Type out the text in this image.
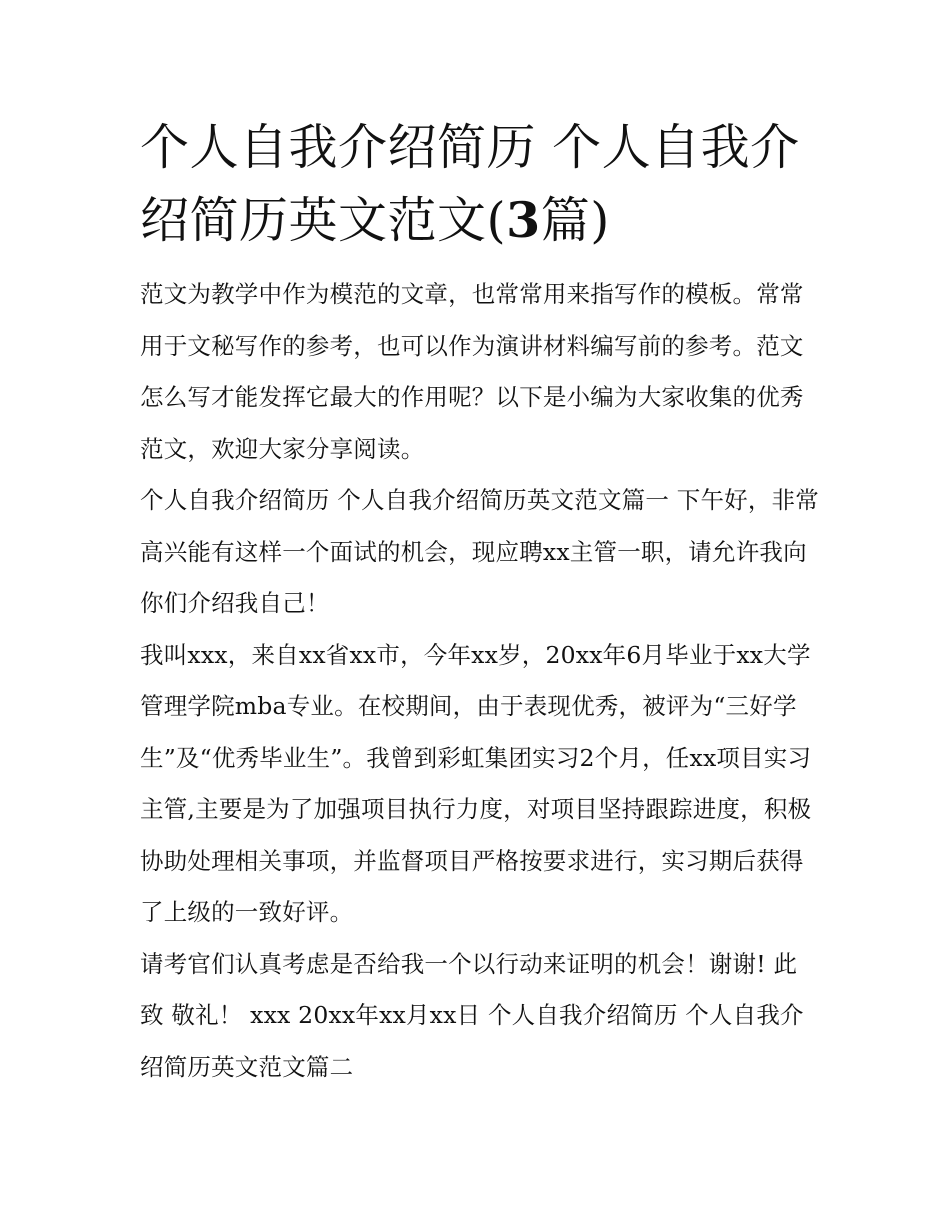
个人自我介绍简历 个人自我介绍简历英文范文(3篇)

范文为教学中作为模范的文章，也常常用来指写作的模板。常常用于文秘写作的参考，也可以作为演讲材料编写前的参考。范文怎么写才能发挥它最大的作用呢？以下是小编为大家收集的优秀范文，欢迎大家分享阅读。

个人自我介绍简历 个人自我介绍简历英文范文篇一 下午好，非常高兴能有这样一个面试的机会，现应聘xx主管一职，请允许我向你们介绍我自己！

我叫xxx，来自xx省xx市，今年xx岁，20xx年6月毕业于xx大学管理学院mba专业。在校期间，由于表现优秀，被评为“三好学生”及“优秀毕业生”。我曾到彩虹集团实习2个月，任xx项目实习主管,主要是为了加强项目执行力度，对项目坚持跟踪进度，积极协助处理相关事项，并监督项目严格按要求进行，实习期后获得了上级的一致好评。

请考官们认真考虑是否给我一个以行动来证明的机会！谢谢! 此致 敬礼！ xxx 20xx年xx月xx日 个人自我介绍简历 个人自我介绍简历英文范文篇二
